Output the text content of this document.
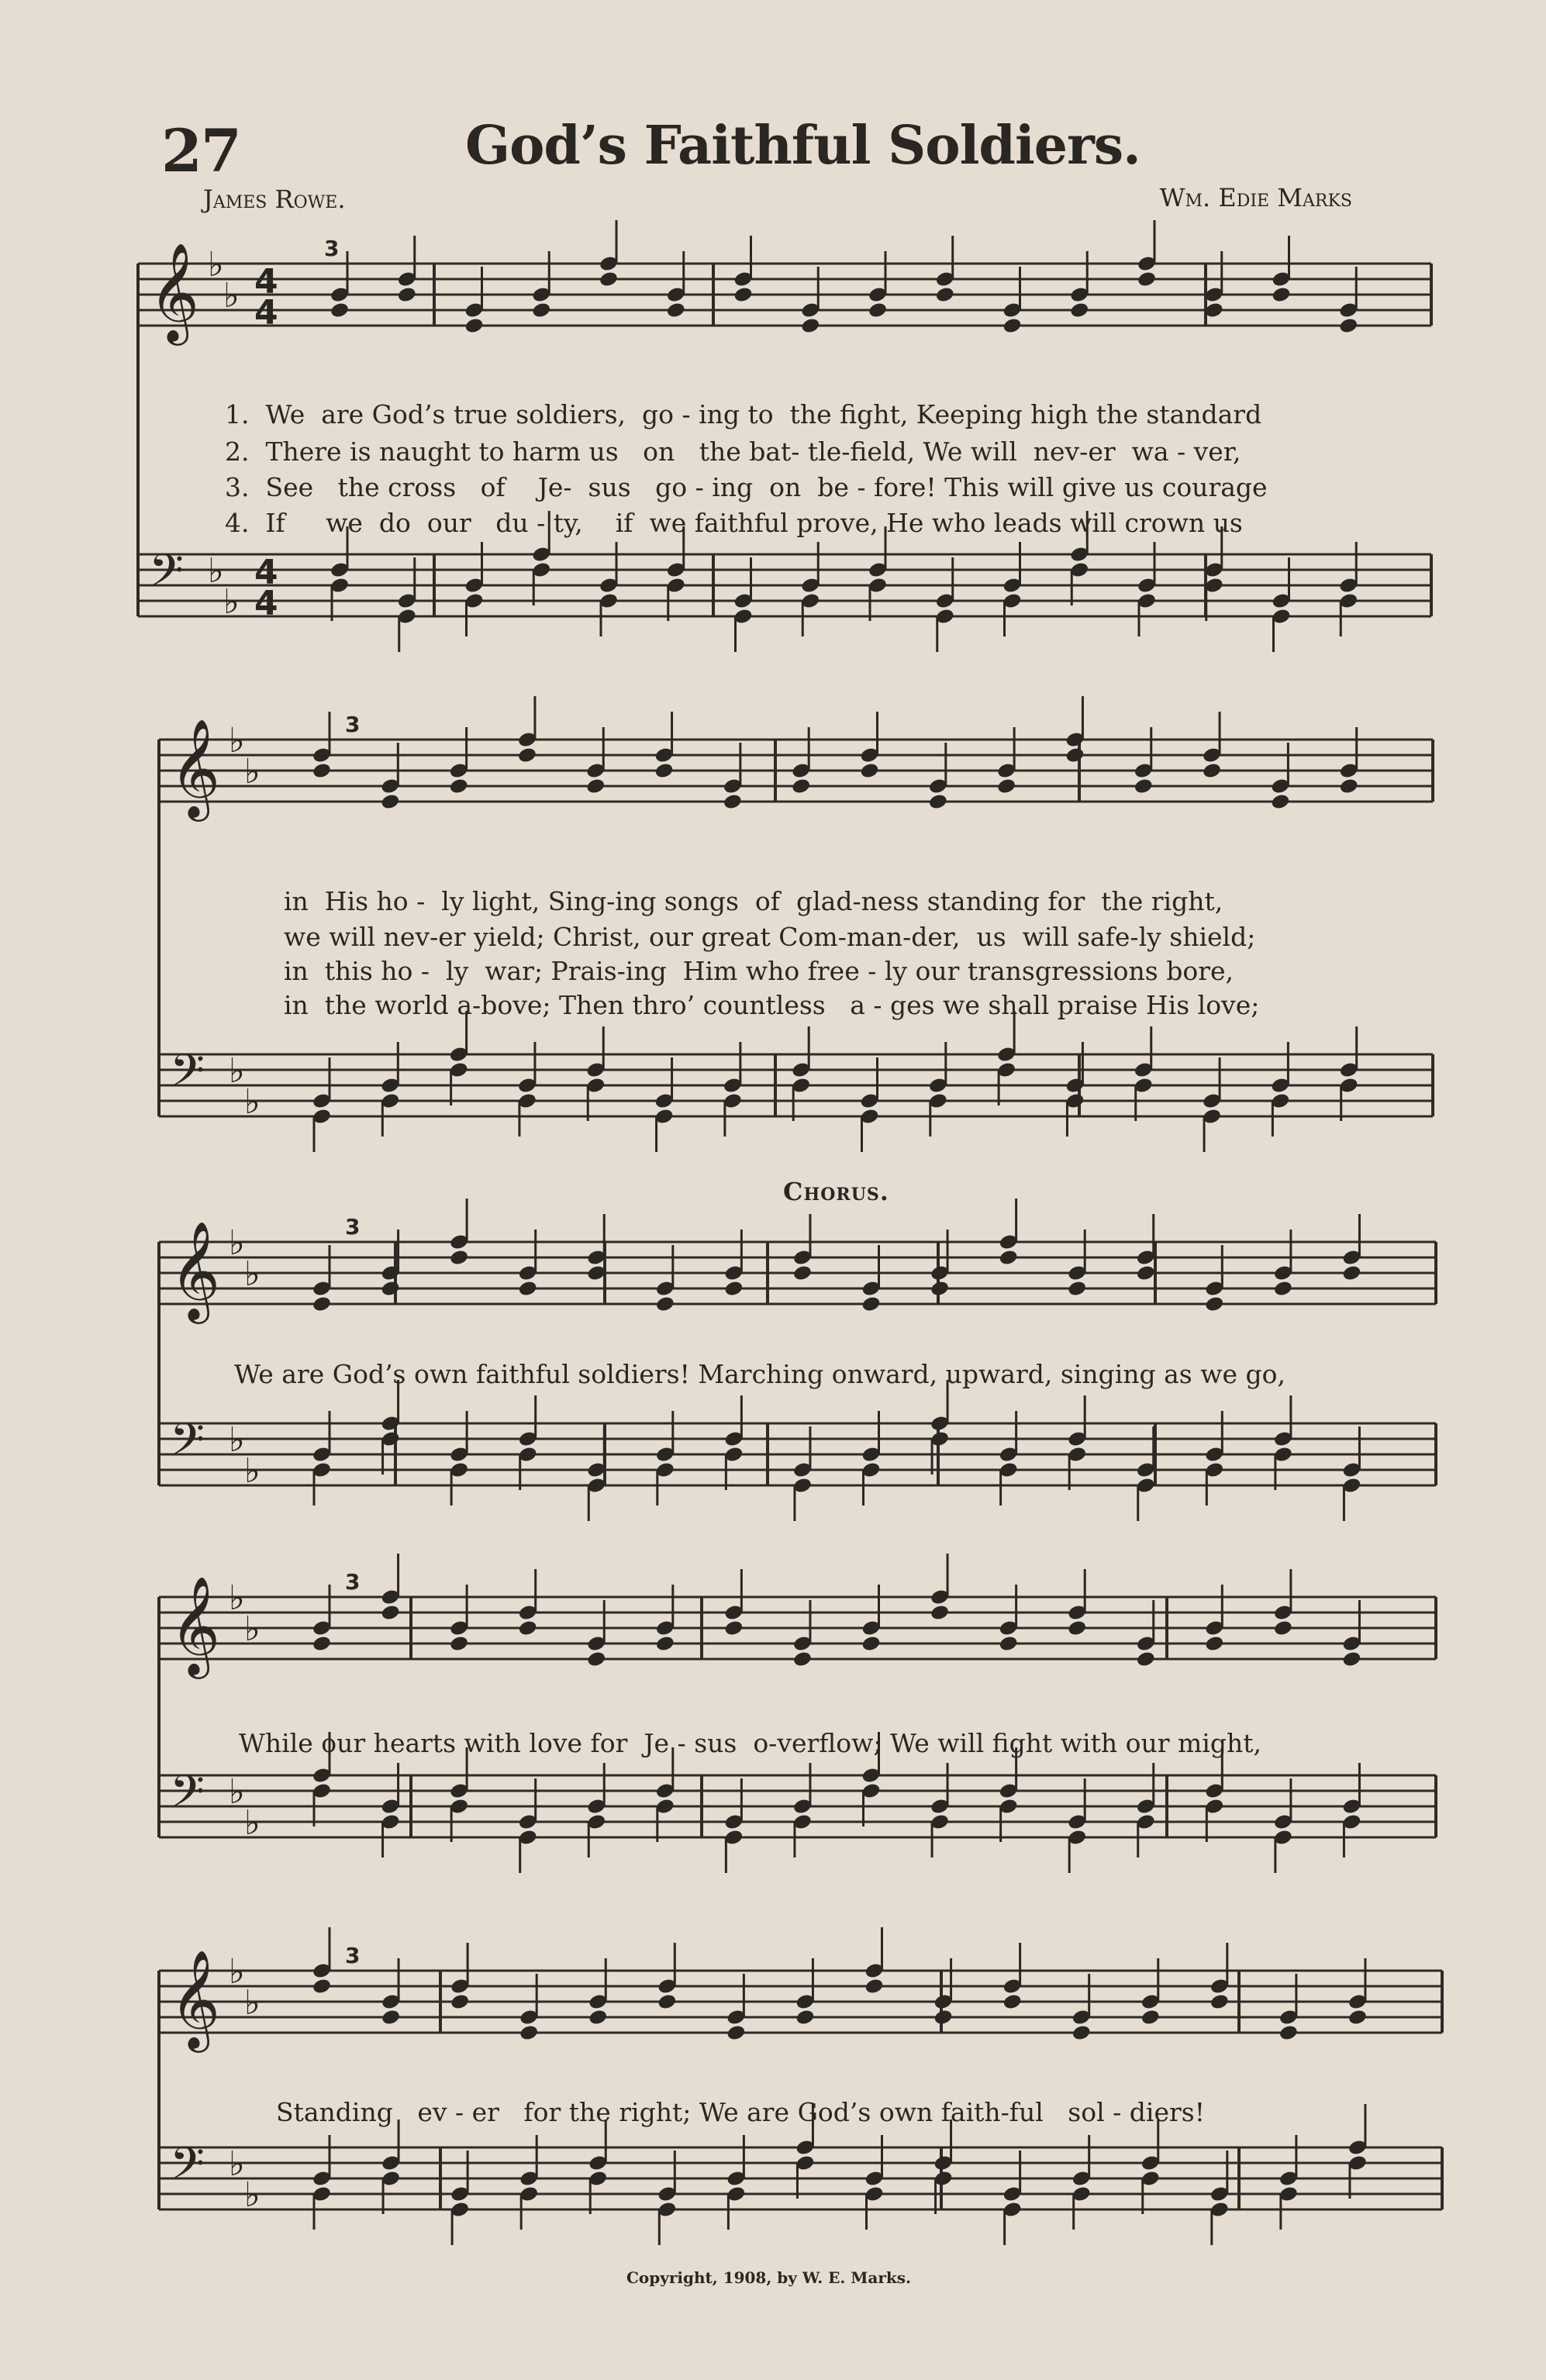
27	God’s Faithful Soldiers.
James Rowe.	Wm. Edie Marks
𝄞 ♭
♭ 4
4
𝄢 ♭
♭
4
4
3
1.  We  are God’s true soldiers,  go - ing to  the fight, Keeping high the standard
2.  There is naught to harm us   on   the bat- tle-field, We will  nev-er  wa - ver,
3.  See   the cross   of    Je-  sus   go - ing  on  be - fore! This will give us courage
4.  If     we  do  our   du - ty,    if  we faithful prove, He who leads will crown us
𝄞 ♭
♭
𝄢 ♭
♭
3
in  His ho -  ly light, Sing-ing songs  of  glad-ness standing for  the right,
we will nev-er yield; Christ, our great Com-man-der,  us  will safe-ly shield;
in  this ho -  ly  war; Prais-ing  Him who free - ly our transgressions bore,
in  the world a-bove; Then thro’ countless   a - ges we shall praise His love;
Chorus.
𝄞 ♭
♭
𝄢 ♭
♭
3
We are God’s own faithful soldiers! Marching onward, upward, singing as we go,
𝄞 ♭
♭
𝄢 ♭
♭
3
While our hearts with love for  Je - sus  o-verflow; We will fight with our might,
𝄞 ♭
♭
𝄢 ♭
♭
3
Standing   ev - er   for the right; We are God’s own faith-ful   sol - diers!
Copyright, 1908, by W. E. Marks.
